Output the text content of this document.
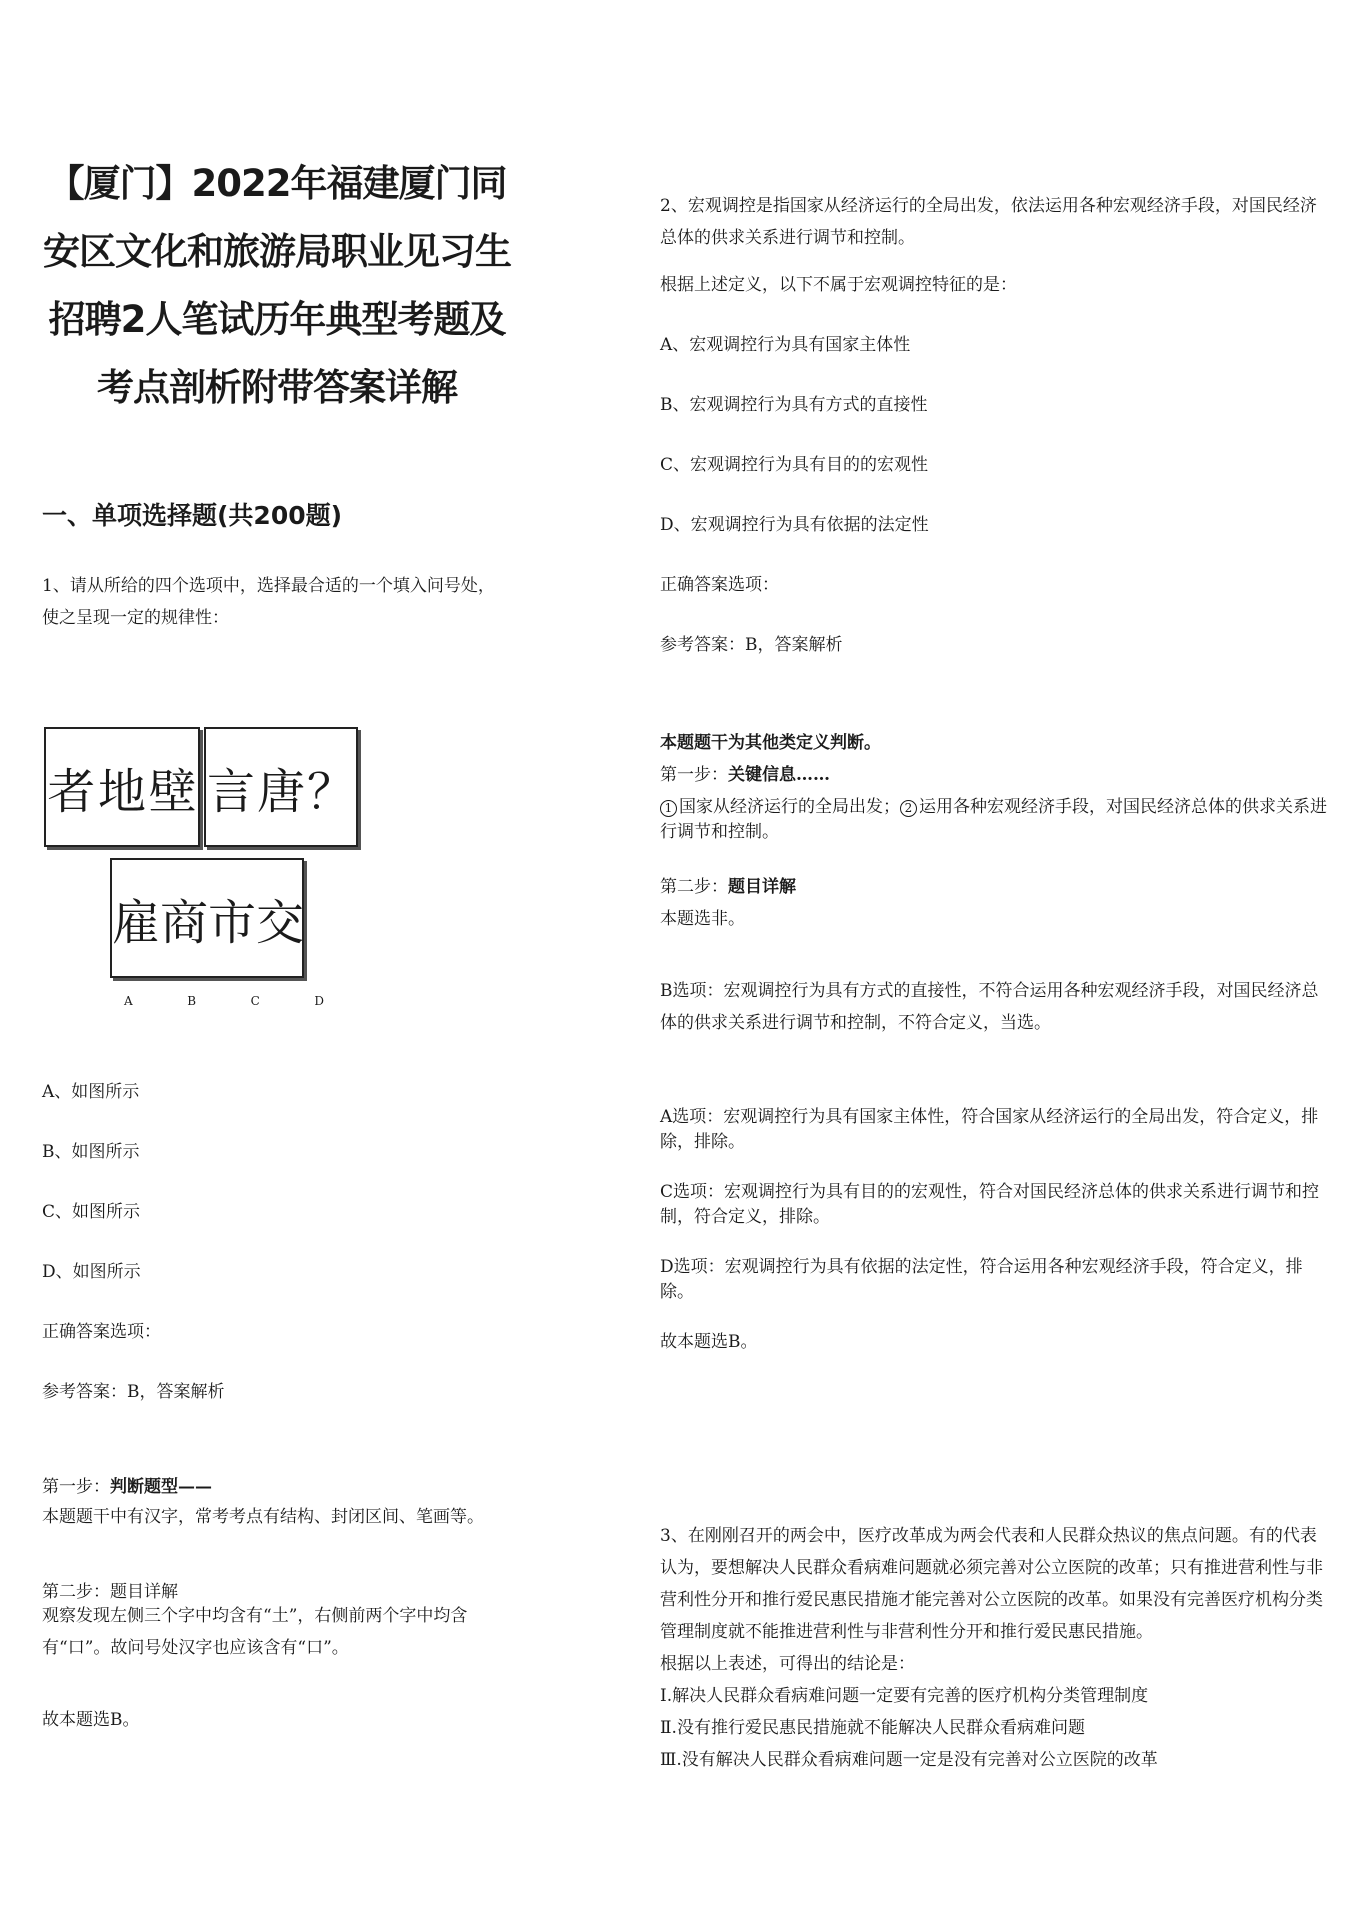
【厦门】2022年福建厦门同安区文化和旅游局职业见习生招聘2人笔试历年典型考题及考点剖析附带答案详解
一、单项选择题(共200题)

1、请从所给的四个选项中，选择最合适的一个填入问号处，使之呈现一定的规律性：

者 地 壁 言 唐 ？
雇 商 市 交
A	B	C	D

A、如图所示

B、如图所示

C、如图所示

D、如图所示

正确答案选项：

参考答案：B，答案解析

第一步：判断题型——

本题题干中有汉字，常考考点有结构、封闭区间、笔画等。

第二步：题目详解

观察发现左侧三个字中均含有“土”，右侧前两个字中均含有“口”。故问号处汉字也应该含有“口”。

故本题选B。

2、宏观调控是指国家从经济运行的全局出发，依法运用各种宏观经济手段，对国民经济总体的供求关系进行调节和控制。

根据上述定义，以下不属于宏观调控特征的是：

A、宏观调控行为具有国家主体性

B、宏观调控行为具有方式的直接性

C、宏观调控行为具有目的的宏观性

D、宏观调控行为具有依据的法定性

正确答案选项：

参考答案：B，答案解析

本题题干为其他类定义判断。

第一步：关键信息……

1 国家从经济运行的全局出发； 2 运用各种宏观经济手段，对国民经济总体的供求关系进行调节和控制。

第二步：题目详解

本题选非。

B选项：宏观调控行为具有方式的直接性，不符合运用各种宏观经济手段，对国民经济总体的供求关系进行调节和控制，不符合定义，当选。

A选项：宏观调控行为具有国家主体性，符合国家从经济运行的全局出发，符合定义，排除，排除。

C选项：宏观调控行为具有目的的宏观性，符合对国民经济总体的供求关系进行调节和控制，符合定义，排除。

D选项：宏观调控行为具有依据的法定性，符合运用各种宏观经济手段，符合定义，排除。

故本题选B。

3、在刚刚召开的两会中，医疗改革成为两会代表和人民群众热议的焦点问题。有的代表认为，要想解决人民群众看病难问题就必须完善对公立医院的改革；只有推进营利性与非营利性分开和推行爱民惠民措施才能完善对公立医院的改革。如果没有完善医疗机构分类管理制度就不能推进营利性与非营利性分开和推行爱民惠民措施。

根据以上表述，可得出的结论是：

Ⅰ.解决人民群众看病难问题一定要有完善的医疗机构分类管理制度

Ⅱ.没有推行爱民惠民措施就不能解决人民群众看病难问题

Ⅲ.没有解决人民群众看病难问题一定是没有完善对公立医院的改革
